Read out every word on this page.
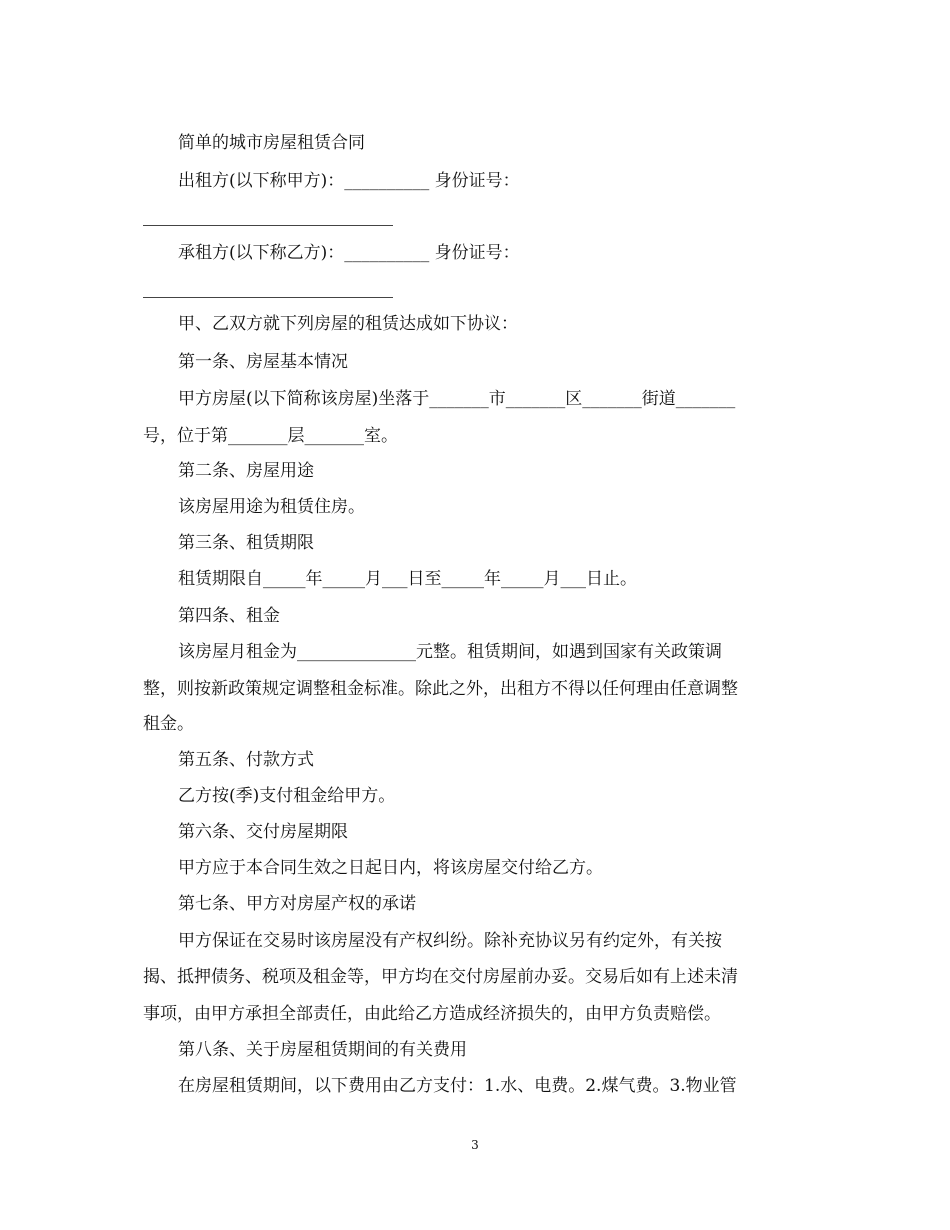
简单的城市房屋租赁合同
出租方(以下称甲方)：__________ 身份证号：
承租方(以下称乙方)：__________ 身份证号：
甲、乙双方就下列房屋的租赁达成如下协议：
第一条、房屋基本情况
甲方房屋(以下简称该房屋)坐落于_______市_______区_______街道_______
号，位于第_______层_______室。
第二条、房屋用途
该房屋用途为租赁住房。
第三条、租赁期限
租赁期限自_____年_____月___日至_____年_____月___日止。
第四条、租金
该房屋月租金为______________元整。租赁期间，如遇到国家有关政策调
整，则按新政策规定调整租金标准。除此之外，出租方不得以任何理由任意调整
租金。
第五条、付款方式
乙方按(季)支付租金给甲方。
第六条、交付房屋期限
甲方应于本合同生效之日起日内，将该房屋交付给乙方。
第七条、甲方对房屋产权的承诺
甲方保证在交易时该房屋没有产权纠纷。除补充协议另有约定外，有关按
揭、抵押债务、税项及租金等，甲方均在交付房屋前办妥。交易后如有上述未清
事项，由甲方承担全部责任，由此给乙方造成经济损失的，由甲方负责赔偿。
第八条、关于房屋租赁期间的有关费用
在房屋租赁期间，以下费用由乙方支付：1.水、电费。2.煤气费。3.物业管
3
